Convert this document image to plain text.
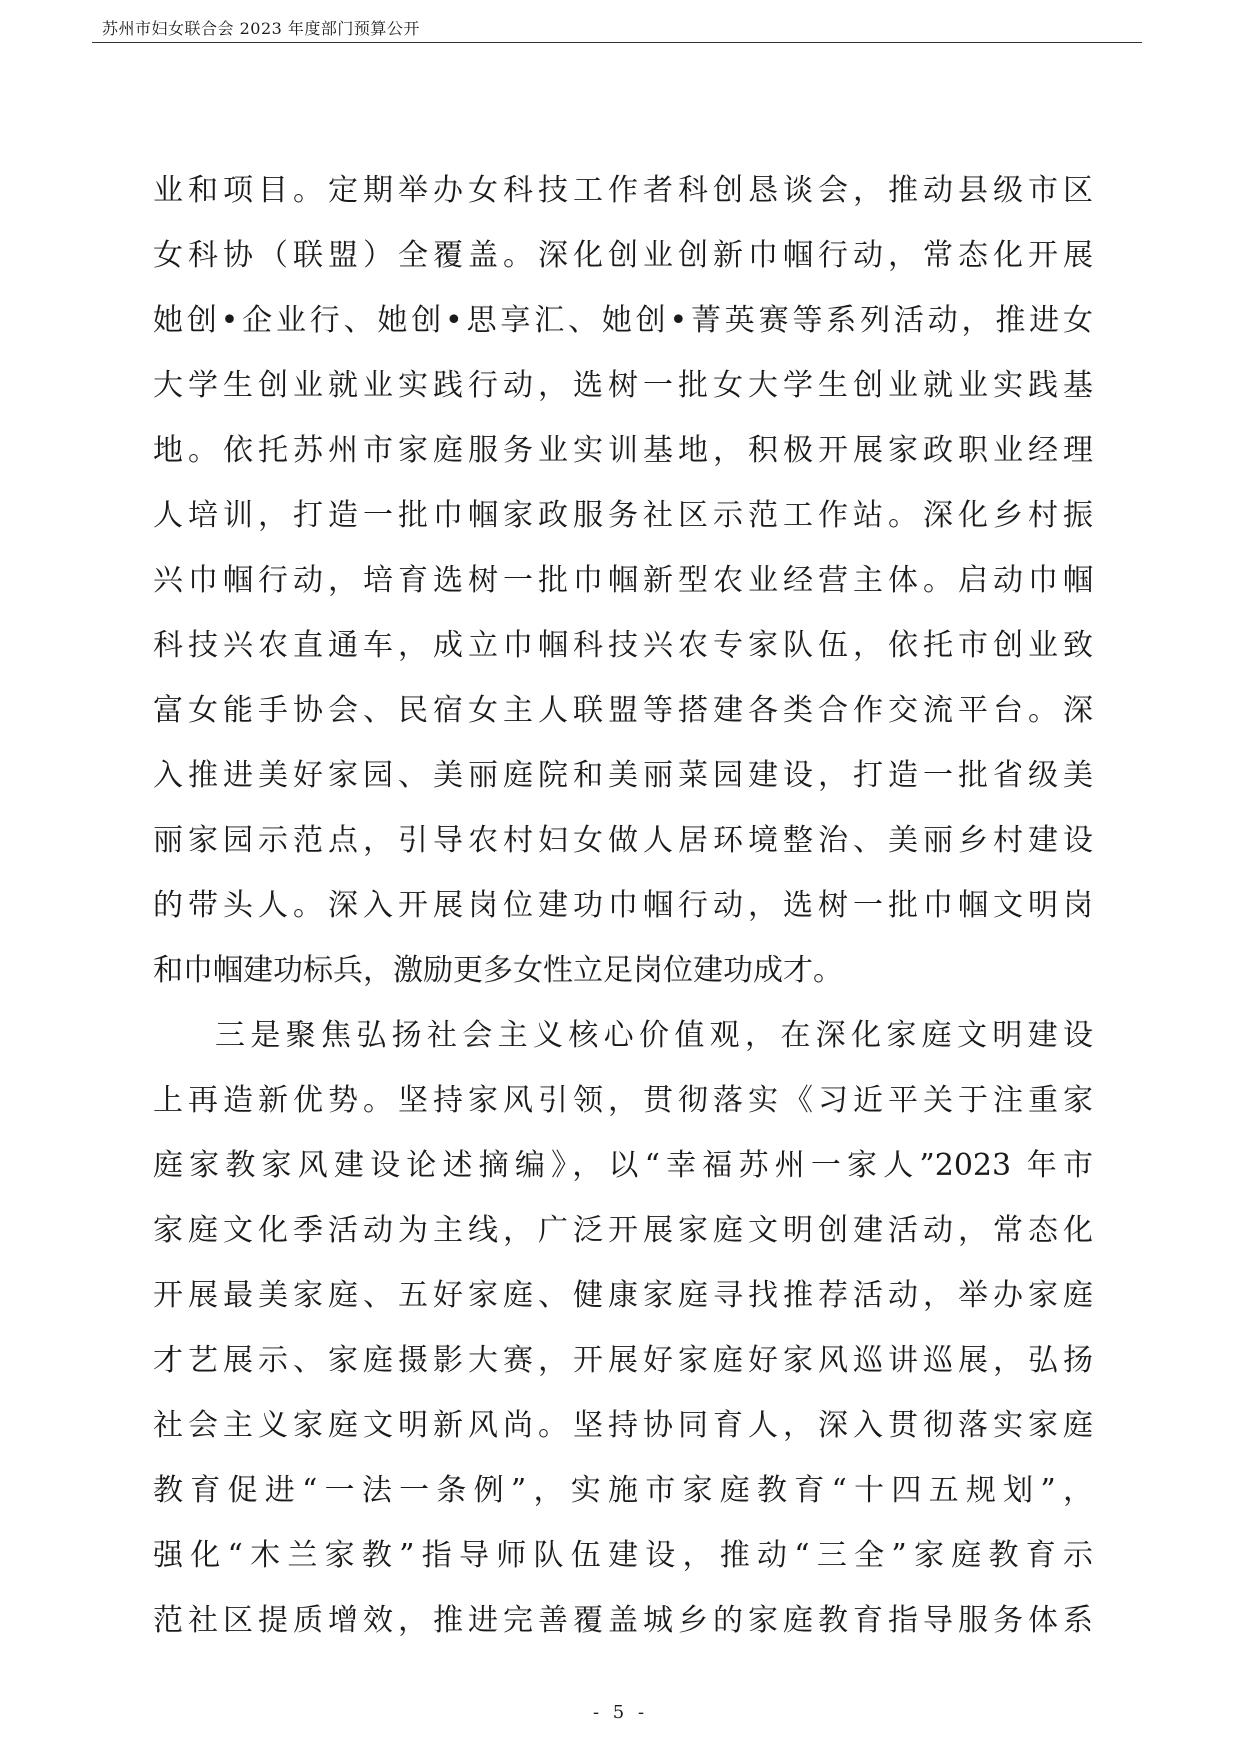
苏州市妇女联合会 2023 年度部门预算公开
业和项目。定期举办女科技工作者科创恳谈会，推动县级市区
女科协（联盟）全覆盖。深化创业创新巾帼行动，常态化开展
她创•企业行、她创•思享汇、她创•菁英赛等系列活动，推进女
大学生创业就业实践行动，选树一批女大学生创业就业实践基
地。依托苏州市家庭服务业实训基地，积极开展家政职业经理
人培训，打造一批巾帼家政服务社区示范工作站。深化乡村振
兴巾帼行动，培育选树一批巾帼新型农业经营主体。启动巾帼
科技兴农直通车，成立巾帼科技兴农专家队伍，依托市创业致
富女能手协会、民宿女主人联盟等搭建各类合作交流平台。深
入推进美好家园、美丽庭院和美丽菜园建设，打造一批省级美
丽家园示范点，引导农村妇女做人居环境整治、美丽乡村建设
的带头人。深入开展岗位建功巾帼行动，选树一批巾帼文明岗
和巾帼建功标兵，激励更多女性立足岗位建功成才。
三是聚焦弘扬社会主义核心价值观，在深化家庭文明建设
上再造新优势。坚持家风引领，贯彻落实《习近平关于注重家
庭家教家风建设论述摘编》，以“幸福苏州一家人”2023 年市
家庭文化季活动为主线，广泛开展家庭文明创建活动，常态化
开展最美家庭、五好家庭、健康家庭寻找推荐活动，举办家庭
才艺展示、家庭摄影大赛，开展好家庭好家风巡讲巡展，弘扬
社会主义家庭文明新风尚。坚持协同育人，深入贯彻落实家庭
教育促进“一法一条例”，实施市家庭教育“十四五规划”，
强化“木兰家教”指导师队伍建设，推动“三全”家庭教育示
范社区提质增效，推进完善覆盖城乡的家庭教育指导服务体系
- 5 -
